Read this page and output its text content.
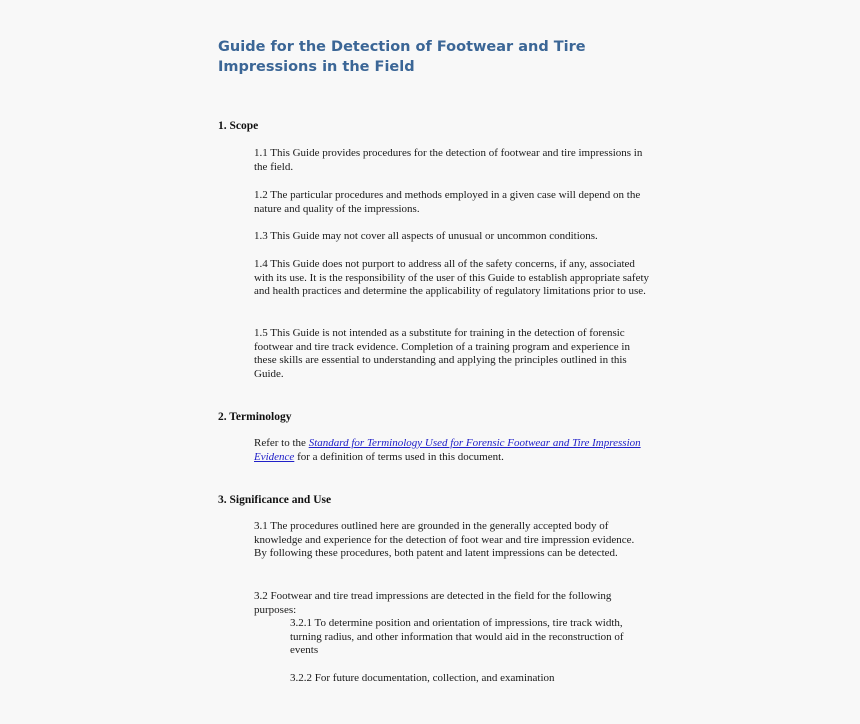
Guide for the Detection of Footwear and Tire Impressions in the Field
1. Scope

1.1 This Guide provides procedures for the detection of footwear and tire impressions in the field.

1.2 The particular procedures and methods employed in a given case will depend on the nature and quality of the impressions.

1.3 This Guide may not cover all aspects of unusual or uncommon conditions.

1.4 This Guide does not purport to address all of the safety concerns, if any, associated with its use. It is the responsibility of the user of this Guide to establish appropriate safety and health practices and determine the applicability of regulatory limitations prior to use.

1.5 This Guide is not intended as a substitute for training in the detection of forensic footwear and tire track evidence. Completion of a training program and experience in these skills are essential to understanding and applying the principles outlined in this Guide.

2. Terminology

Refer to the Standard for Terminology Used for Forensic Footwear and Tire Impression Evidence for a definition of terms used in this document.

3. Significance and Use

3.1 The procedures outlined here are grounded in the generally accepted body of knowledge and experience for the detection of foot wear and tire impression evidence. By following these procedures, both patent and latent impressions can be detected.

3.2 Footwear and tire tread impressions are detected in the field for the following purposes:

3.2.1 To determine position and orientation of impressions, tire track width, turning radius, and other information that would aid in the reconstruction of events

3.2.2 For future documentation, collection, and examination
